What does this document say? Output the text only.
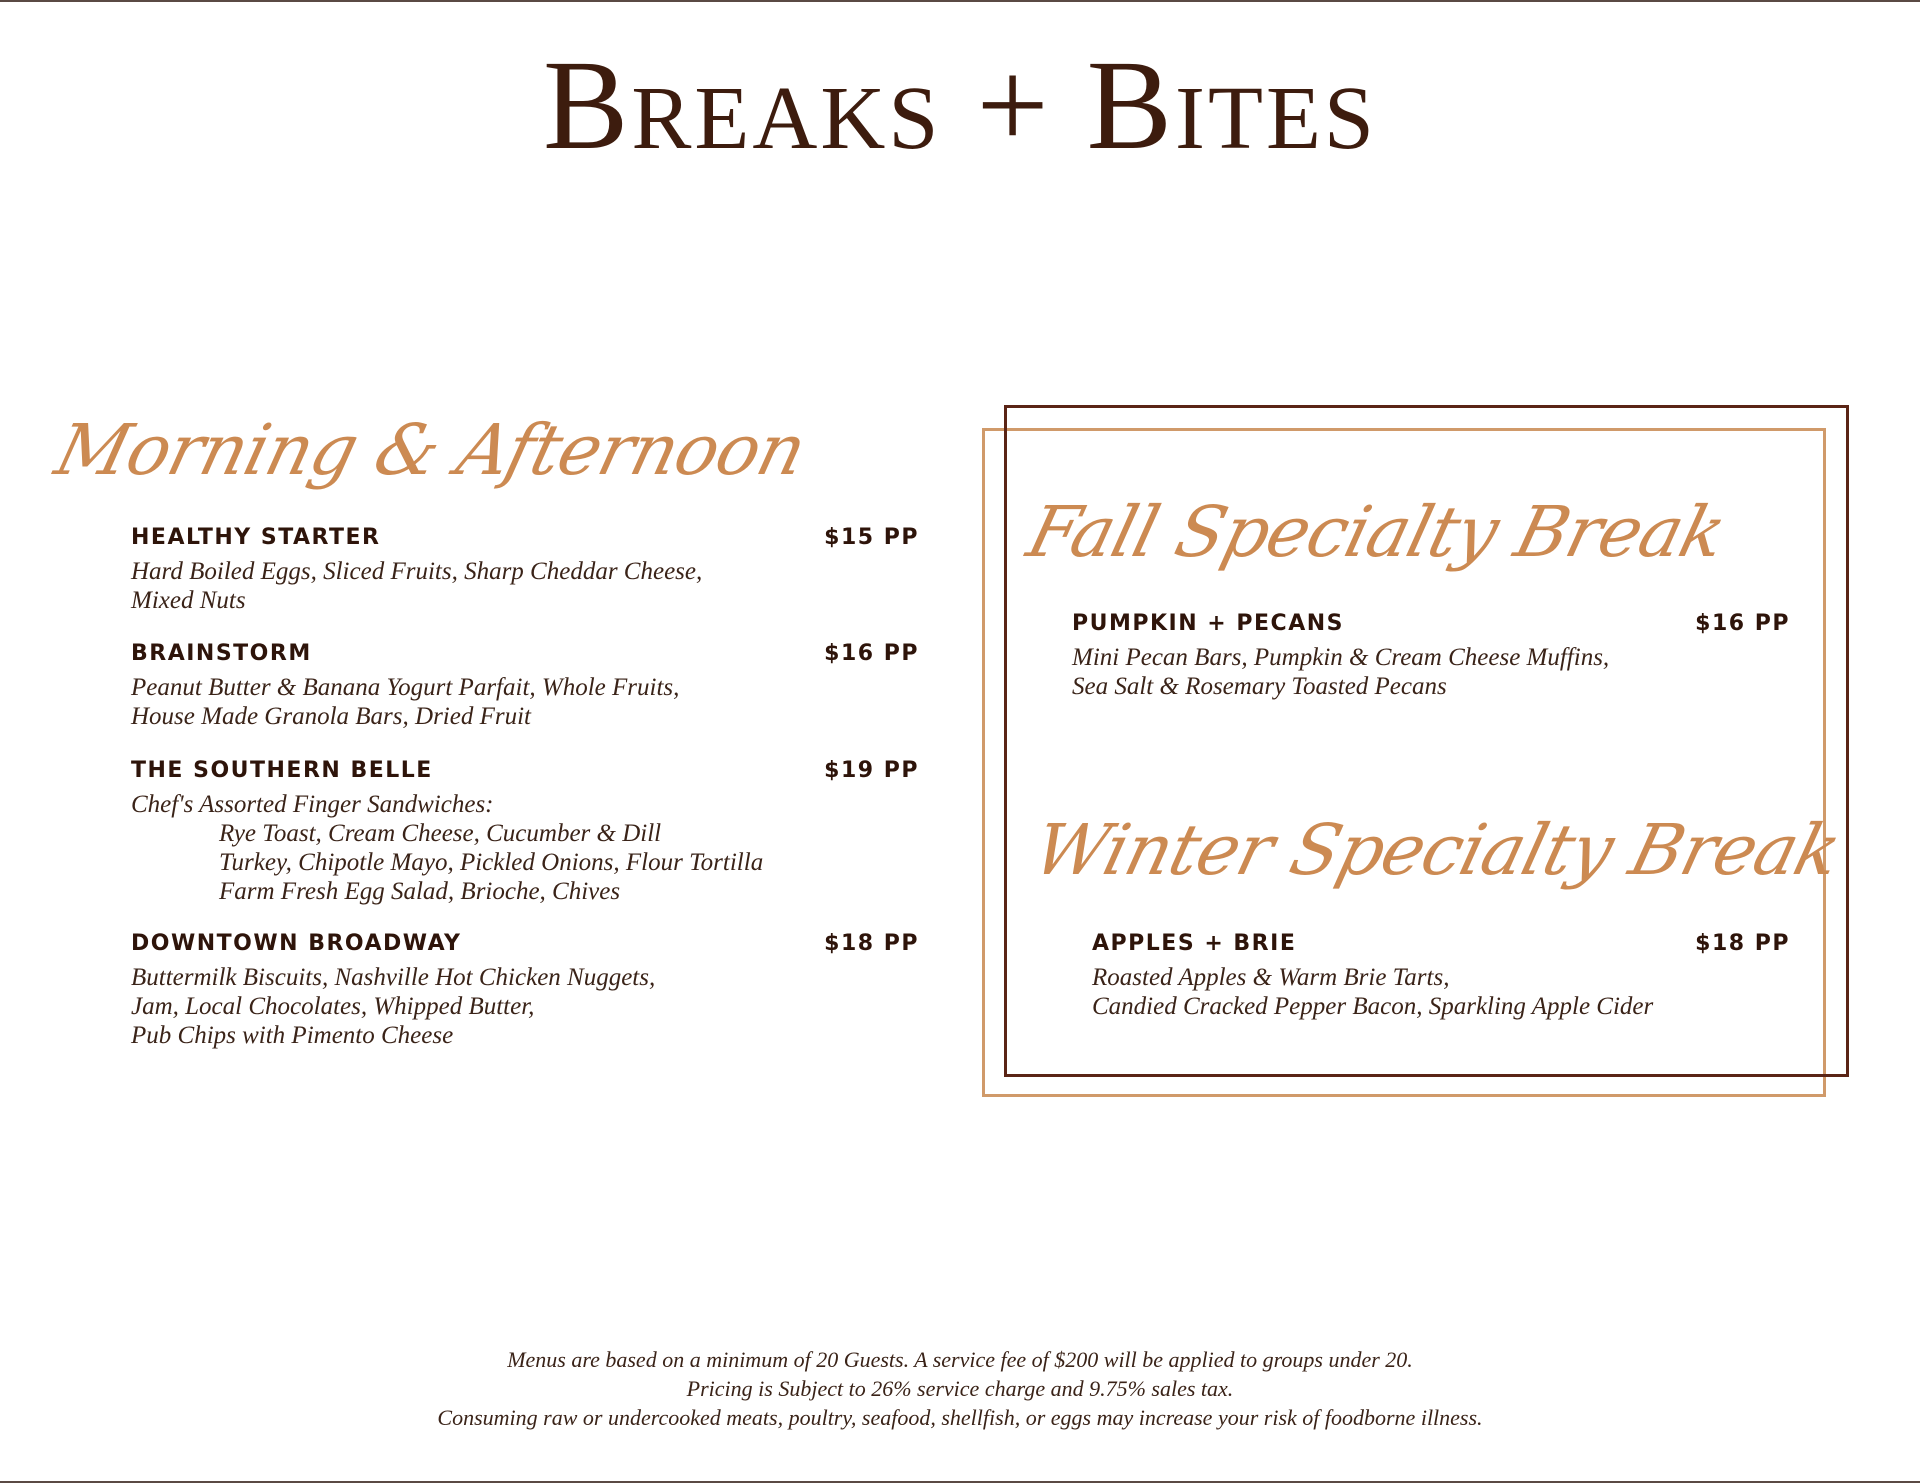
Breaks + Bites
Morning & Afternoon
HEALTHY STARTER	$15 PP
Hard Boiled Eggs, Sliced Fruits, Sharp Cheddar Cheese,
Mixed Nuts
BRAINSTORM	$16 PP
Peanut Butter & Banana Yogurt Parfait, Whole Fruits,
House Made Granola Bars, Dried Fruit
THE SOUTHERN BELLE	$19 PP
Chef's Assorted Finger Sandwiches:
Rye Toast, Cream Cheese, Cucumber & Dill
Turkey, Chipotle Mayo, Pickled Onions, Flour Tortilla
Farm Fresh Egg Salad, Brioche, Chives
DOWNTOWN BROADWAY	$18 PP
Buttermilk Biscuits, Nashville Hot Chicken Nuggets,
Jam, Local Chocolates, Whipped Butter,
Pub Chips with Pimento Cheese
Fall Specialty Break
PUMPKIN + PECANS	$16 PP
Mini Pecan Bars, Pumpkin & Cream Cheese Muffins,
Sea Salt & Rosemary Toasted Pecans
Winter Specialty Break
APPLES + BRIE	$18 PP
Roasted Apples & Warm Brie Tarts,
Candied Cracked Pepper Bacon, Sparkling Apple Cider
Menus are based on a minimum of 20 Guests. A service fee of $200 will be applied to groups under 20.
Pricing is Subject to 26% service charge and 9.75% sales tax.
Consuming raw or undercooked meats, poultry, seafood, shellfish, or eggs may increase your risk of foodborne illness.
